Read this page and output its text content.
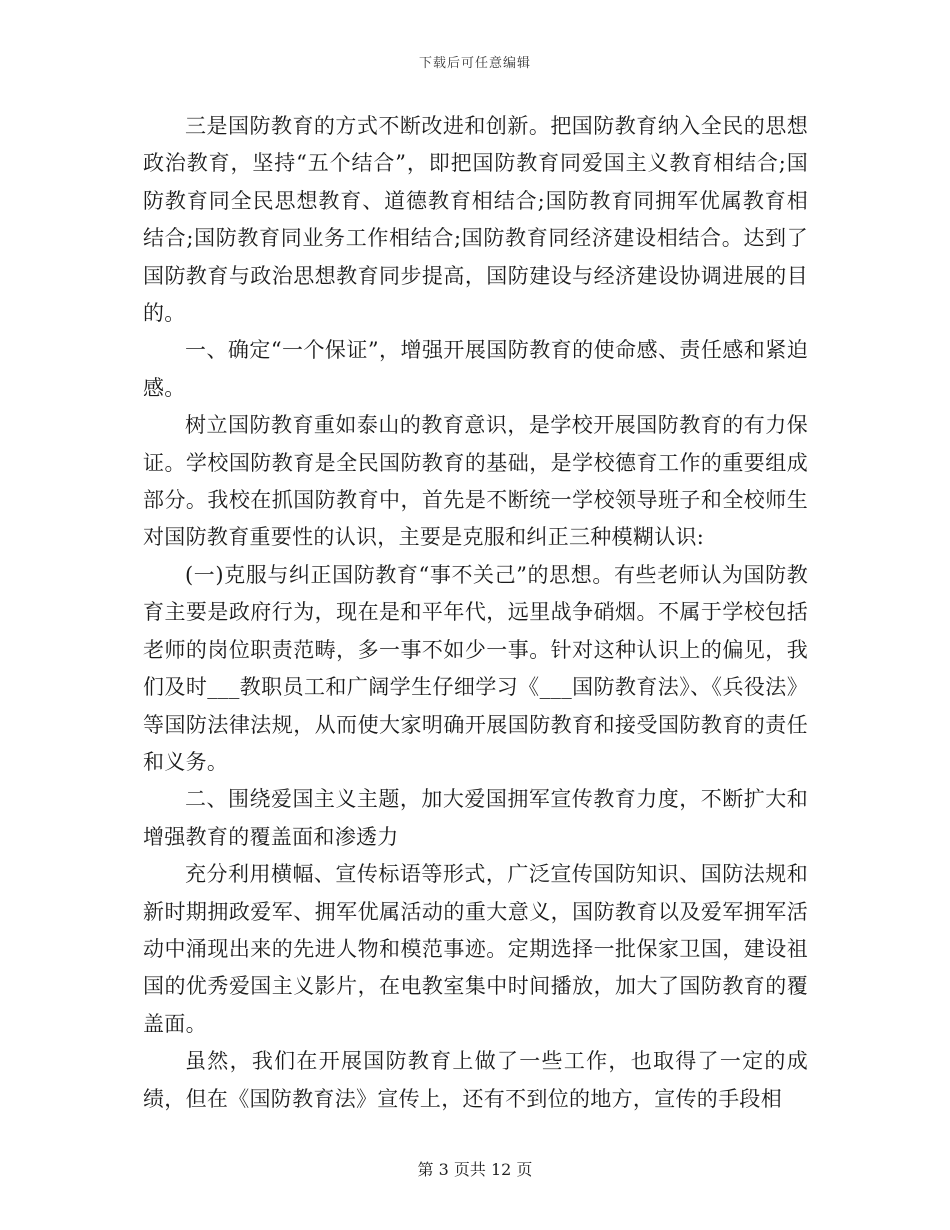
下载后可任意编辑

三是国防教育的方式不断改进和创新。把国防教育纳入全民的思想政治教育，坚持“五个结合”，即把国防教育同爱国主义教育相结合;国防教育同全民思想教育、道德教育相结合;国防教育同拥军优属教育相结合;国防教育同业务工作相结合;国防教育同经济建设相结合。达到了国防教育与政治思想教育同步提高，国防建设与经济建设协调进展的目的。

一、确定“一个保证”，增强开展国防教育的使命感、责任感和紧迫感。

树立国防教育重如泰山的教育意识，是学校开展国防教育的有力保证。学校国防教育是全民国防教育的基础，是学校德育工作的重要组成部分。我校在抓国防教育中，首先是不断统一学校领导班子和全校师生对国防教育重要性的认识，主要是克服和纠正三种模糊认识:

(一)克服与纠正国防教育“事不关己”的思想。有些老师认为国防教育主要是政府行为，现在是和平年代，远里战争硝烟。不属于学校包括老师的岗位职责范畴，多一事不如少一事。针对这种认识上的偏见，我们及时___教职员工和广阔学生仔细学习《___国防教育法》、《兵役法》等国防法律法规，从而使大家明确开展国防教育和接受国防教育的责任和义务。

二、围绕爱国主义主题，加大爱国拥军宣传教育力度，不断扩大和增强教育的覆盖面和渗透力

充分利用横幅、宣传标语等形式，广泛宣传国防知识、国防法规和新时期拥政爱军、拥军优属活动的重大意义，国防教育以及爱军拥军活动中涌现出来的先进人物和模范事迹。定期选择一批保家卫国，建设祖国的优秀爱国主义影片，在电教室集中时间播放，加大了国防教育的覆盖面。

虽然，我们在开展国防教育上做了一些工作，也取得了一定的成绩，但在《国防教育法》宣传上，还有不到位的地方，宣传的手段相

第 3 页共 12 页
